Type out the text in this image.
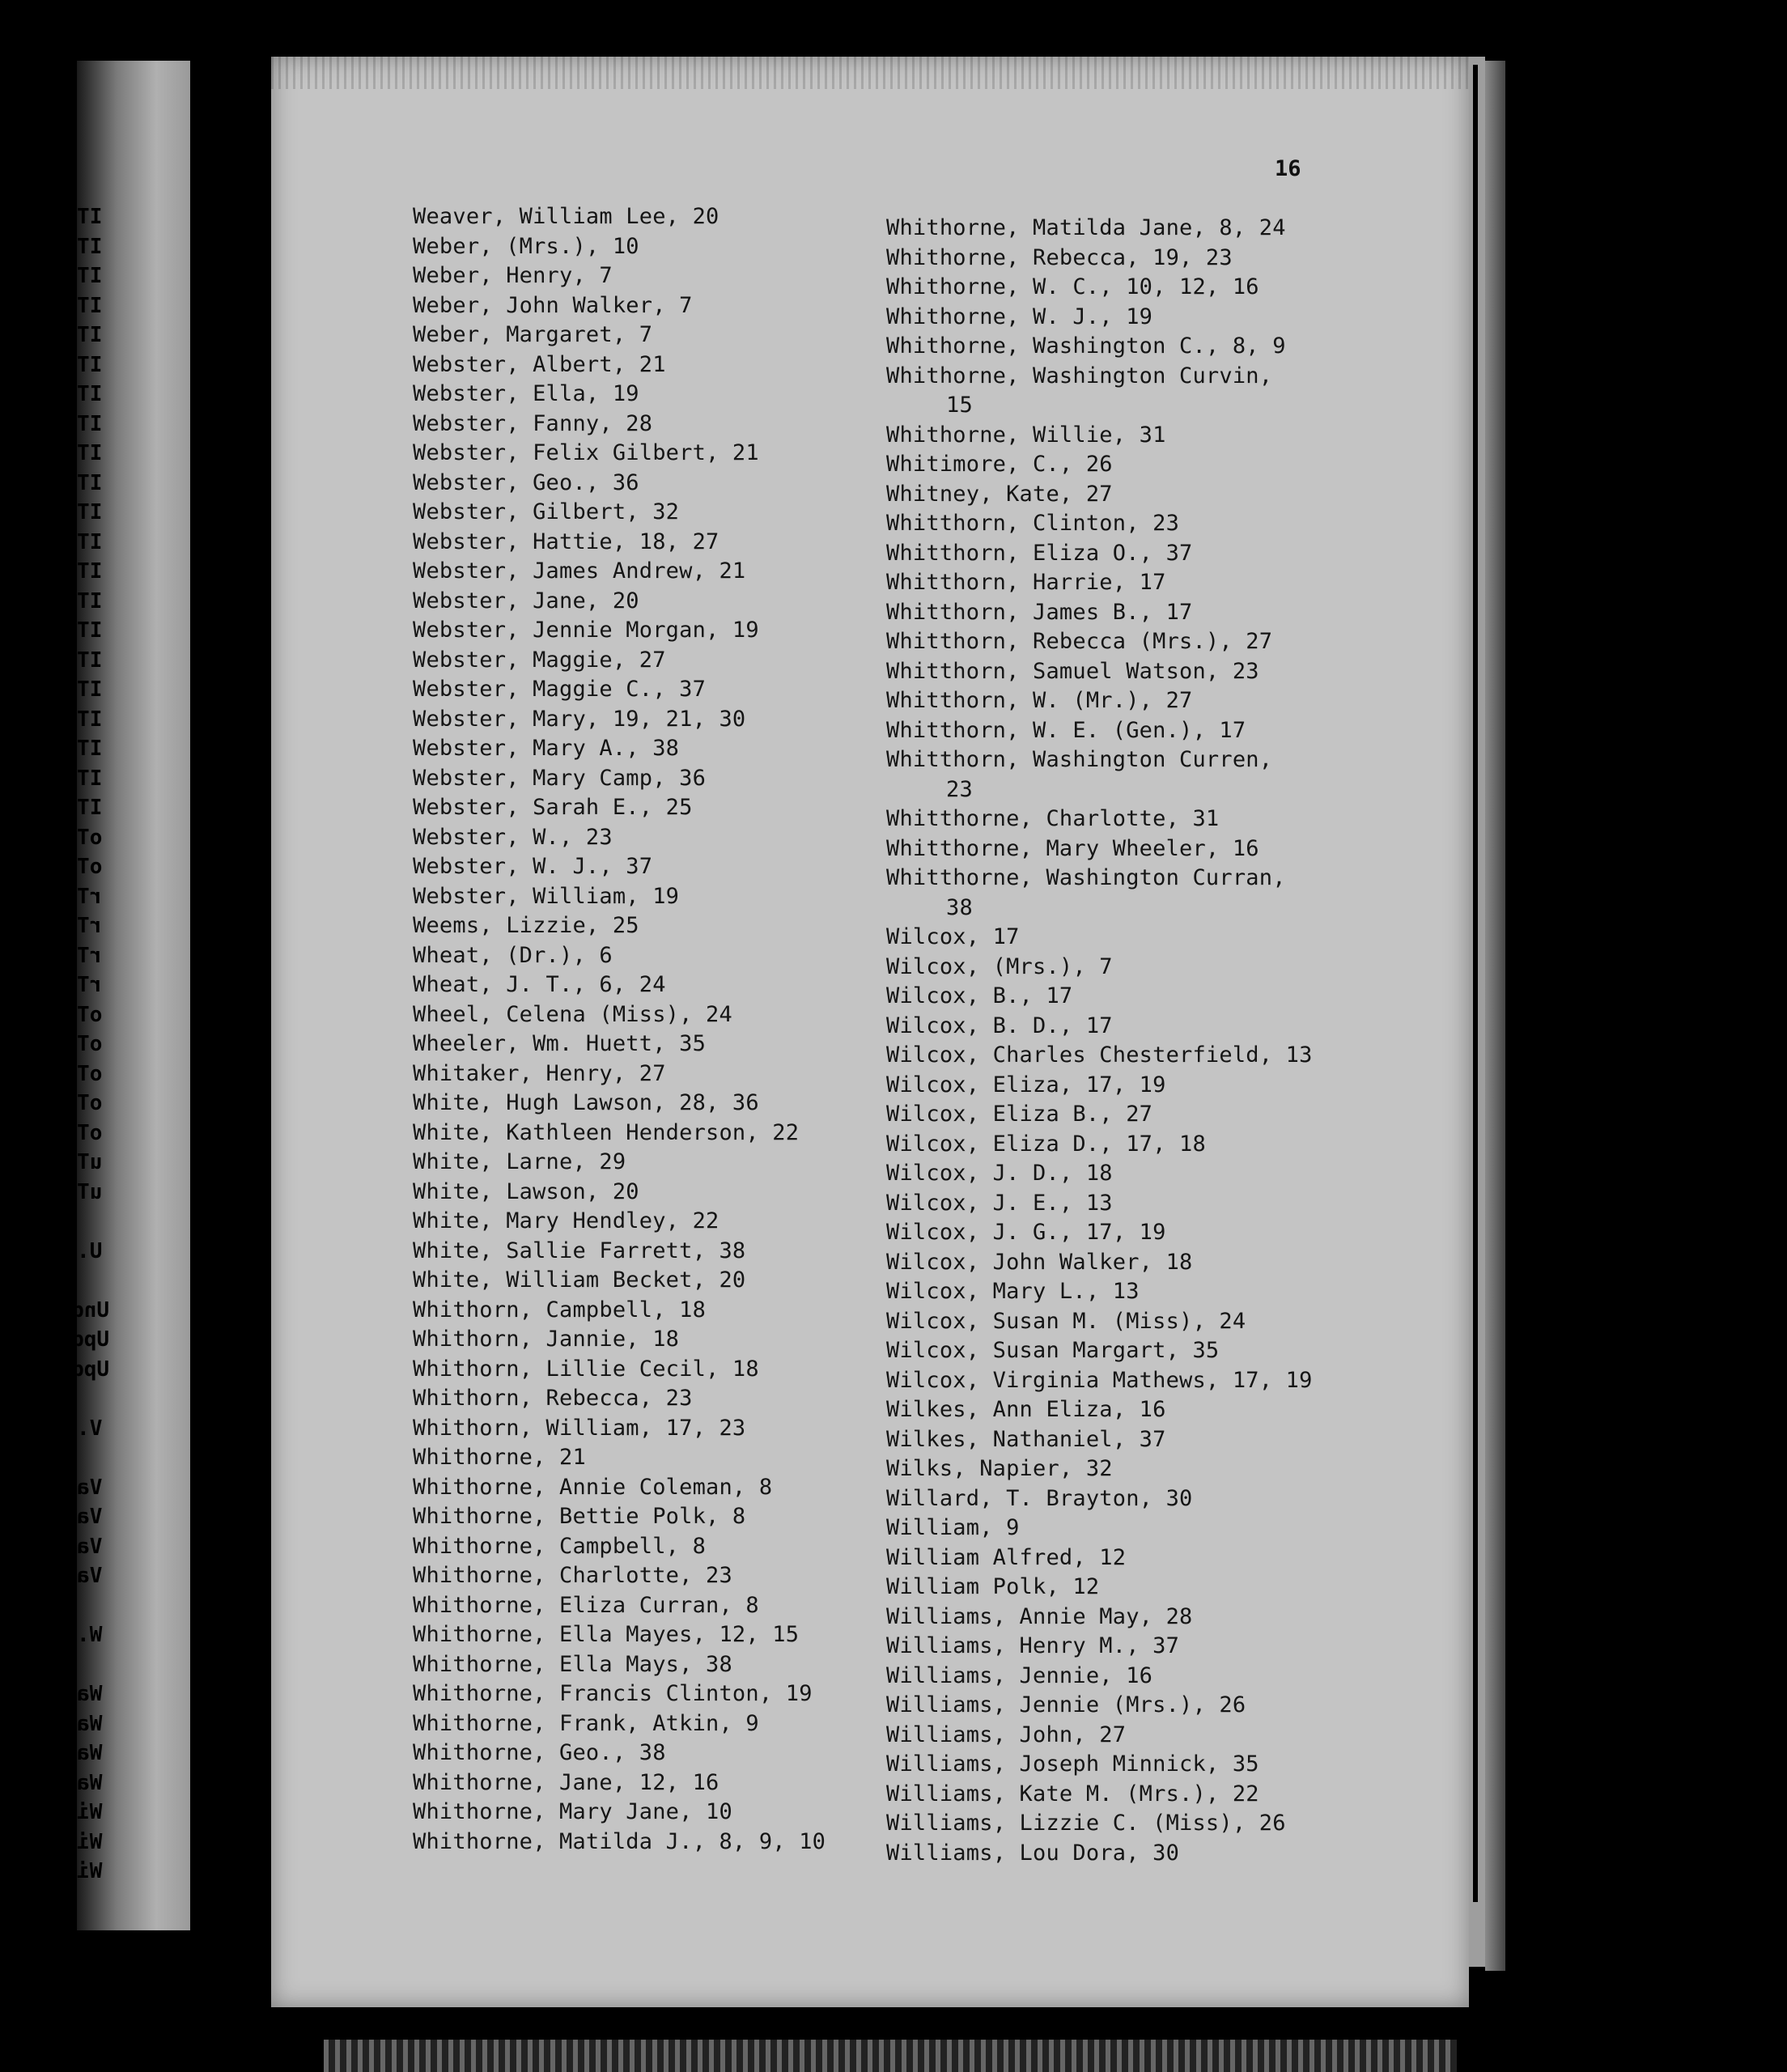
IT
IT
IT
IT
IT
IT
IT
IT
IT
IT
IT
IT
IT
IT
IT
IT
IT
IT
IT
IT
IT
oT
oT
rT
rT
rT
rT
oT
oT
oT
oT
oT
uT
uT

U.

Und
Upq
Upq

V.

Va
Va
Va
Va

W.

Wa
Wa
Wa
Wa
Wi
Wi
Wi
16
Weaver, William Lee, 20
Weber, (Mrs.), 10
Weber, Henry, 7
Weber, John Walker, 7
Weber, Margaret, 7
Webster, Albert, 21
Webster, Ella, 19
Webster, Fanny, 28
Webster, Felix Gilbert, 21
Webster, Geo., 36
Webster, Gilbert, 32
Webster, Hattie, 18, 27
Webster, James Andrew, 21
Webster, Jane, 20
Webster, Jennie Morgan, 19
Webster, Maggie, 27
Webster, Maggie C., 37
Webster, Mary, 19, 21, 30
Webster, Mary A., 38
Webster, Mary Camp, 36
Webster, Sarah E., 25
Webster, W., 23
Webster, W. J., 37
Webster, William, 19
Weems, Lizzie, 25
Wheat, (Dr.), 6
Wheat, J. T., 6, 24
Wheel, Celena (Miss), 24
Wheeler, Wm. Huett, 35
Whitaker, Henry, 27
White, Hugh Lawson, 28, 36
White, Kathleen Henderson, 22
White, Larne, 29
White, Lawson, 20
White, Mary Hendley, 22
White, Sallie Farrett, 38
White, William Becket, 20
Whithorn, Campbell, 18
Whithorn, Jannie, 18
Whithorn, Lillie Cecil, 18
Whithorn, Rebecca, 23
Whithorn, William, 17, 23
Whithorne, 21
Whithorne, Annie Coleman, 8
Whithorne, Bettie Polk, 8
Whithorne, Campbell, 8
Whithorne, Charlotte, 23
Whithorne, Eliza Curran, 8
Whithorne, Ella Mayes, 12, 15
Whithorne, Ella Mays, 38
Whithorne, Francis Clinton, 19
Whithorne, Frank, Atkin, 9
Whithorne, Geo., 38
Whithorne, Jane, 12, 16
Whithorne, Mary Jane, 10
Whithorne, Matilda J., 8, 9, 10
Whithorne, Matilda Jane, 8, 24
Whithorne, Rebecca, 19, 23
Whithorne, W. C., 10, 12, 16
Whithorne, W. J., 19
Whithorne, Washington C., 8, 9
Whithorne, Washington Curvin,
15
Whithorne, Willie, 31
Whitimore, C., 26
Whitney, Kate, 27
Whitthorn, Clinton, 23
Whitthorn, Eliza O., 37
Whitthorn, Harrie, 17
Whitthorn, James B., 17
Whitthorn, Rebecca (Mrs.), 27
Whitthorn, Samuel Watson, 23
Whitthorn, W. (Mr.), 27
Whitthorn, W. E. (Gen.), 17
Whitthorn, Washington Curren,
23
Whitthorne, Charlotte, 31
Whitthorne, Mary Wheeler, 16
Whitthorne, Washington Curran,
38
Wilcox, 17
Wilcox, (Mrs.), 7
Wilcox, B., 17
Wilcox, B. D., 17
Wilcox, Charles Chesterfield, 13
Wilcox, Eliza, 17, 19
Wilcox, Eliza B., 27
Wilcox, Eliza D., 17, 18
Wilcox, J. D., 18
Wilcox, J. E., 13
Wilcox, J. G., 17, 19
Wilcox, John Walker, 18
Wilcox, Mary L., 13
Wilcox, Susan M. (Miss), 24
Wilcox, Susan Margart, 35
Wilcox, Virginia Mathews, 17, 19
Wilkes, Ann Eliza, 16
Wilkes, Nathaniel, 37
Wilks, Napier, 32
Willard, T. Brayton, 30
William, 9
William Alfred, 12
William Polk, 12
Williams, Annie May, 28
Williams, Henry M., 37
Williams, Jennie, 16
Williams, Jennie (Mrs.), 26
Williams, John, 27
Williams, Joseph Minnick, 35
Williams, Kate M. (Mrs.), 22
Williams, Lizzie C. (Miss), 26
Williams, Lou Dora, 30
